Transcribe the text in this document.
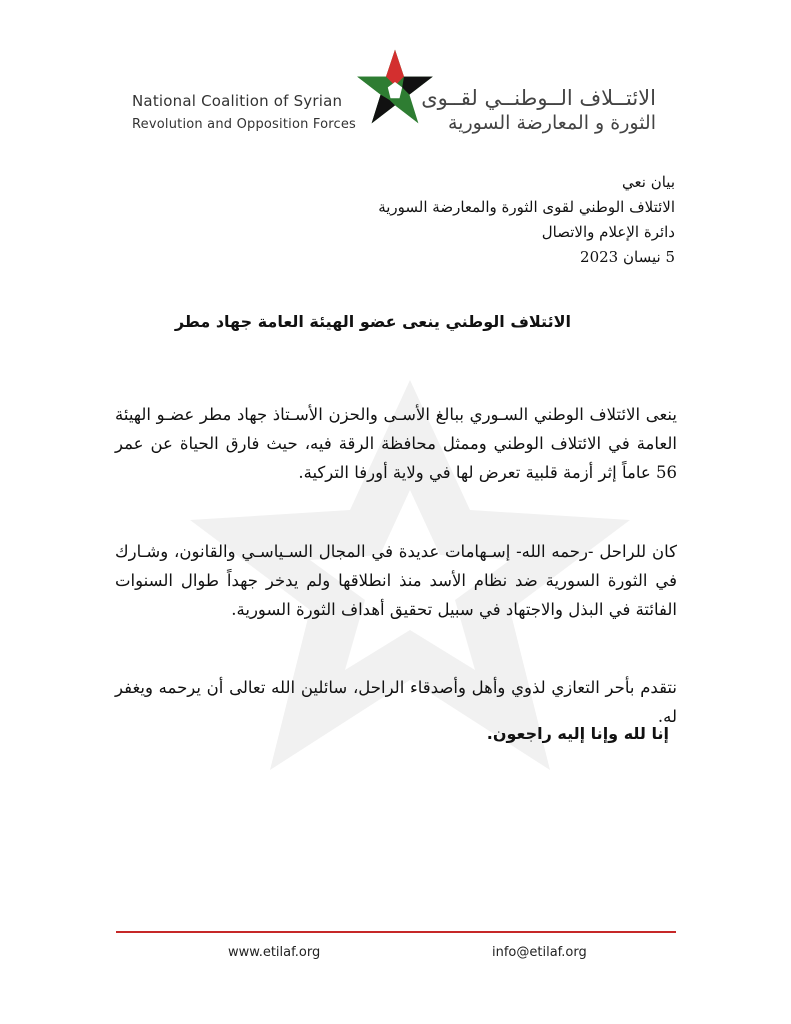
National Coalition of Syrian
Revolution and Opposition Forces
الائتــلاف الــوطنــي لقــوى
الثورة و المعارضة السورية
بيان نعي
الائتلاف الوطني لقوى الثورة والمعارضة السورية
دائرة الإعلام والاتصال
5 نيسان 2023
الائتلاف الوطني ينعى عضو الهيئة العامة جهاد مطر
ينعى الائتلاف الوطني السـوري ببالغ الأسـى والحزن الأسـتاذ جهاد مطر عضـو الهيئة العامة في الائتلاف الوطني وممثل محافظة الرقة فيه، حيث فارق الحياة عن عمر 56 عاماً إثر أزمة قلبية تعرض لها في ولاية أورفا التركية.
كان للراحل -رحمه الله- إسـهامات عديدة في المجال السـياسـي والقانون، وشـارك في الثورة السورية ضد نظام الأسد منذ انطلاقها ولم يدخر جهداً طوال السنوات الفائتة في البذل والاجتهاد في سبيل تحقيق أهداف الثورة السورية.
نتقدم بأحر التعازي لذوي وأهل وأصدقاء الراحل، سائلين الله تعالى أن يرحمه ويغفر له.
إنا لله وإنا إليه راجعون.
www.etilaf.org	info@etilaf.org
